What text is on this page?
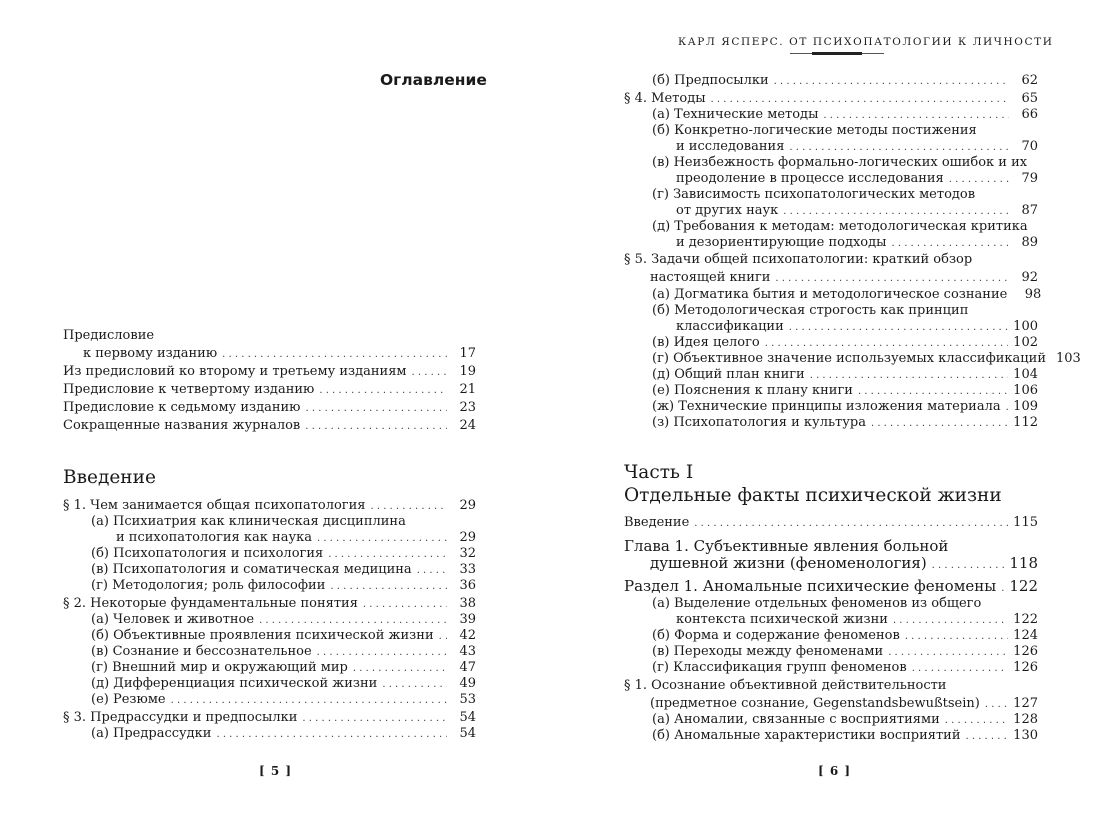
Оглавление
Предисловие
к первому изданию . . .	17
Из предисловий ко второму и третьему изданиям . . .	19
Предисловие к четвертому изданию . . .	21
Предисловие к седьмому изданию . . .	23
Сокращенные названия журналов . . .	24
Введение
§ 1. Чем занимается общая психопатология . . .	29
(а) Психиатрия как клиническая дисциплина
и психопатология как наука . . .	29
(б) Психопатология и психология . . .	32
(в) Психопатология и соматическая медицина . . .	33
(г) Методология; роль философии . . .	36
§ 2. Некоторые фундаментальные понятия . . .	38
(а) Человек и животное . . .	39
(б) Объективные проявления психической жизни . . .	42
(в) Сознание и бессознательное . . .	43
(г) Внешний мир и окружающий мир . . .	47
(д) Дифференциация психической жизни . . .	49
(е) Резюме . . .	53
§ 3. Предрассудки и предпосылки . . .	54
(а) Предрассудки . . .	54
[ 5 ]
КАРЛ ЯСПЕРС. ОТ ПСИХОПАТОЛОГИИ К ЛИЧНОСТИ
(б) Предпосылки . . .	62
§ 4. Методы . . .	65
(а) Технические методы . . .	66
(б) Конкретно-логические методы постижения
и исследования . . .	70
(в) Неизбежность формально-логических ошибок и их
преодоление в процессе исследования . . .	79
(г) Зависимость психопатологических методов
от других наук . . .	87
(д) Требования к методам: методологическая критика
и дезориентирующие подходы . . .	89
§ 5. Задачи общей психопатологии: краткий обзор
настоящей книги . . .	92
(а) Догматика бытия и методологическое сознание	98
(б) Методологическая строгость как принцип
классификации . . .	100
(в) Идея целого . . .	102
(г) Объективное значение используемых классификаций 103
(д) Общий план книги . . .	104
(е) Пояснения к плану книги . . .	106
(ж) Технические принципы изложения материала . . . 109
(з) Психопатология и культура . . .	112
Часть I
Отдельные факты психической жизни
Введение . . .	115
Глава 1. Субъективные явления больной
душевной жизни (феноменология) . . .	118
Раздел 1. Аномальные психические феномены . . . 122
(а) Выделение отдельных феноменов из общего
контекста психической жизни . . .	122
(б) Форма и содержание феноменов . . .	124
(в) Переходы между феноменами . . .	126
(г) Классификация групп феноменов . . .	126
§ 1. Осознание объективной действительности
(предметное сознание, Gegenstandsbewußtsein) . . .	127
(а) Аномалии, связанные с восприятиями . . .	128
(б) Аномальные характеристики восприятий . . .	130
[ 6 ]
